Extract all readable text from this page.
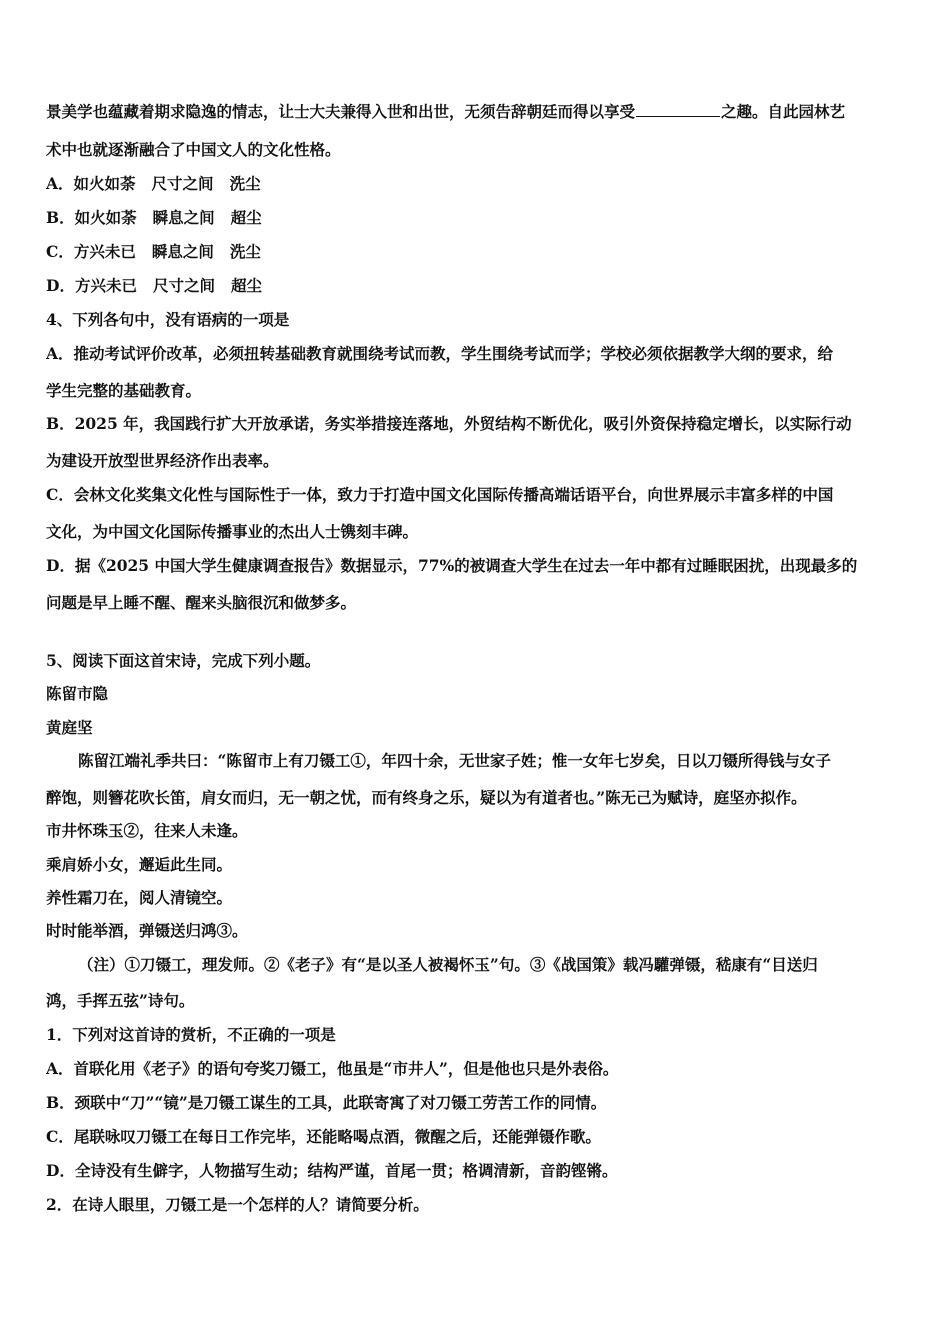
景美学也蕴藏着期求隐逸的情志，让士大夫兼得入世和出世，无须告辞朝廷而得以享受	之趣。自此园林艺
术中也就逐渐融合了中国文人的文化性格。
A．如火如荼 尺寸之间 洗尘
B．如火如荼 瞬息之间 超尘
C．方兴未已 瞬息之间 洗尘
D．方兴未已 尺寸之间 超尘
4、下列各句中，没有语病的一项是
A．推动考试评价改革，必须扭转基础教育就围绕考试而教，学生围绕考试而学；学校必须依据教学大纲的要求，给
学生完整的基础教育。
B．2025 年，我国践行扩大开放承诺，务实举措接连落地，外贸结构不断优化，吸引外资保持稳定增长，以实际行动
为建设开放型世界经济作出表率。
C．会林文化奖集文化性与国际性于一体，致力于打造中国文化国际传播高端话语平台，向世界展示丰富多样的中国
文化，为中国文化国际传播事业的杰出人士镌刻丰碑。
D．据《2025 中国大学生健康调查报告》数据显示，77%的被调查大学生在过去一年中都有过睡眠困扰，出现最多的
问题是早上睡不醒、醒来头脑很沉和做梦多。
5、阅读下面这首宋诗，完成下列小题。
陈留市隐
黄庭坚
陈留江端礼季共曰：“陈留市上有刀镊工①，年四十余，无世家子姓；惟一女年七岁矣，日以刀镊所得钱与女子
醉饱，则簪花吹长笛，肩女而归，无一朝之忧，而有终身之乐，疑以为有道者也。”陈无己为赋诗，庭坚亦拟作。
市井怀珠玉②，往来人未逢。
乘肩娇小女，邂逅此生同。
养性霜刀在，阅人清镜空。
时时能举酒，弹镊送归鸿③。
（注）①刀镊工，理发师。②《老子》有“是以圣人被褐怀玉”句。③《战国策》载冯驩弹镊，嵇康有“目送归
鸿，手挥五弦”诗句。
1．下列对这首诗的赏析，不正确的一项是
A．首联化用《老子》的语句夸奖刀镊工，他虽是“市井人”，但是他也只是外表俗。
B．颈联中“刀”“镜”是刀镊工谋生的工具，此联寄寓了对刀镊工劳苦工作的同情。
C．尾联咏叹刀镊工在每日工作完毕，还能略喝点酒，微醒之后，还能弹镊作歌。
D．全诗没有生僻字，人物描写生动；结构严谨，首尾一贯；格调清新，音韵铿锵。
2．在诗人眼里，刀镊工是一个怎样的人？请简要分析。
